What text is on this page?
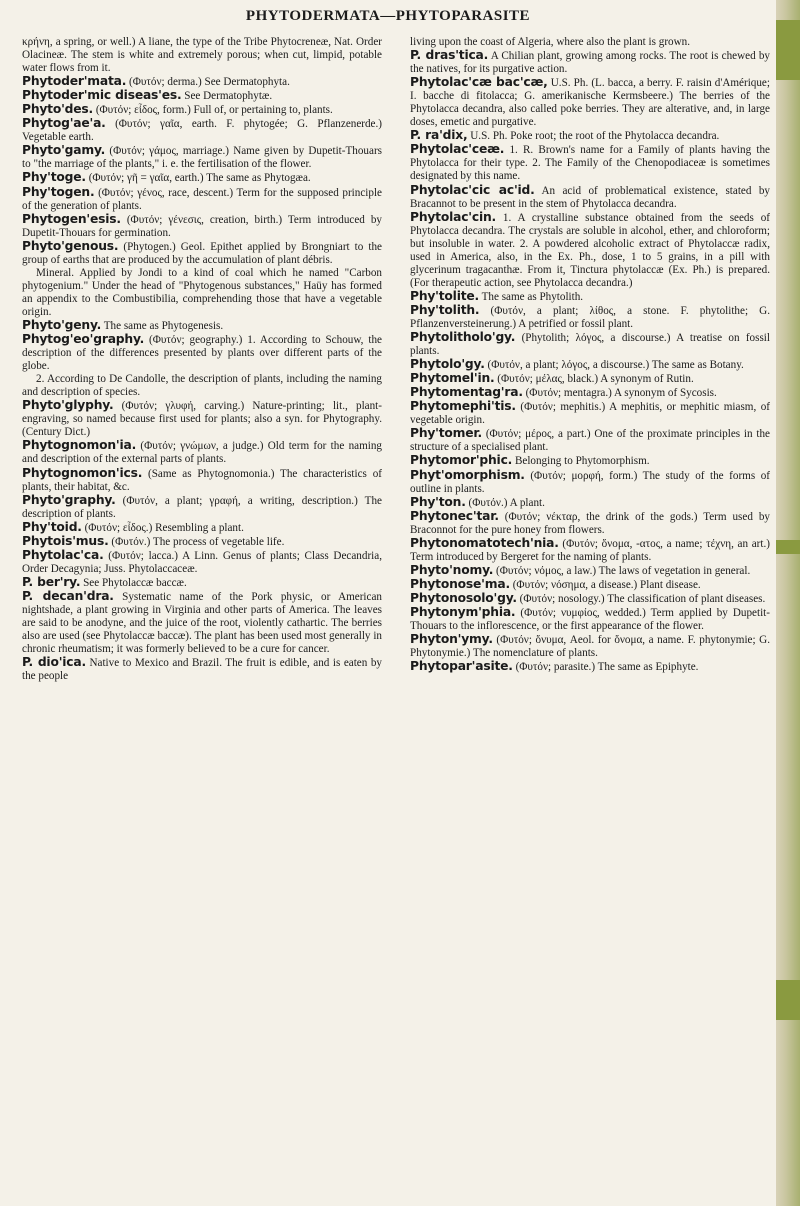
PHYTODERMATA—PHYTOPARASITE
κρήνη, a spring, or well.) A liane, the type of the Tribe Phytocreneæ, Nat. Order Olacineæ. The stem is white and extremely porous; when cut, limpid, potable water flows from it.
Phytoder'mata. (Φυτόν; derma.) See Dermatophyta.
Phytoder'mic diseas'es. See Dermatophytæ.
Phyto'des. (Φυτόν; εἶδος, form.) Full of, or pertaining to, plants.
Phytog'ae'a. (Φυτόν; γαῖα, earth. F. phytogée; G. Pflanzenerde.) Vegetable earth.
Phyto'gamy. (Φυτόν; γάμος, marriage.) Name given by Dupetit-Thouars to "the marriage of the plants," i. e. the fertilisation of the flower.
Phy'toge. (Φυτόν; γῆ = γαῖα, earth.) The same as Phytogæa.
Phy'togen. (Φυτόν; γένος, race, descent.) Term for the supposed principle of the generation of plants.
Phytogen'esis. (Φυτόν; γένεσις, creation, birth.) Term introduced by Dupetit-Thouars for germination.
Phyto'genous. (Phytogen.) Geol. Epithet applied by Brongniart to the group of earths that are produced by the accumulation of plant débris.
Mineral. Applied by Jondi to a kind of coal which he named "Carbon phytogenium." Under the head of "Phytogenous substances," Haüy has formed an appendix to the Combustibilia, comprehending those that have a vegetable origin.
Phyto'geny. The same as Phytogenesis.
Phytog'eo'graphy. (Φυτόν; geography.) 1. According to Schouw, the description of the differences presented by plants over different parts of the globe.
2. According to De Candolle, the description of plants, including the naming and description of species.
Phyto'glyphy. (Φυτόν; γλυφή, carving.) Nature-printing; lit., plant-engraving, so named because first used for plants; also a syn. for Phytography. (Century Dict.)
Phytognomon'ia. (Φυτόν; γνώμων, a judge.) Old term for the naming and description of the external parts of plants.
Phytognomon'ics. (Same as Phytognomonia.) The characteristics of plants, their habitat, &c.
Phyto'graphy. (Φυτόν, a plant; γραφή, a writing, description.) The description of plants.
Phy'toid. (Φυτόν; εἶδος.) Resembling a plant.
Phytois'mus. (Φυτόν.) The process of vegetable life.
Phytolac'ca. (Φυτόν; lacca.) A Linn. Genus of plants; Class Decandria, Order Decagynia; Juss. Phytolaccaceæ.
P. ber'ry. See Phytolaccæ baccæ.
P. decan'dra. Systematic name of the Pork physic, or American nightshade, a plant growing in Virginia and other parts of America. The leaves are said to be anodyne, and the juice of the root, violently cathartic. The berries also are used (see Phytolaccæ baccæ). The plant has been used most generally in chronic rheumatism; it was formerly believed to be a cure for cancer.
P. dio'ica. Native to Mexico and Brazil. The fruit is edible, and is eaten by the people
living upon the coast of Algeria, where also the plant is grown.
P. dras'tica. A Chilian plant, growing among rocks. The root is chewed by the natives, for its purgative action.
Phytolac'cæ bac'cæ, U.S. Ph. (L. bacca, a berry. F. raisin d'Amérique; I. bacche di fitolacca; G. amerikanische Kermsbeere.) The berries of the Phytolacca decandra, also called poke berries. They are alterative, and, in large doses, emetic and purgative.
P. ra'dix, U.S. Ph. Poke root; the root of the Phytolacca decandra.
Phytolac'ceæ. 1. R. Brown's name for a Family of plants having the Phytolacca for their type. 2. The Family of the Chenopodiaceæ is sometimes designated by this name.
Phytolac'cic ac'id. An acid of problematical existence, stated by Bracannot to be present in the stem of Phytolacca decandra.
Phytolac'cin. 1. A crystalline substance obtained from the seeds of Phytolacca decandra. The crystals are soluble in alcohol, ether, and chloroform; but insoluble in water. 2. A powdered alcoholic extract of Phytolaccæ radix, used in America, also, in the Ex. Ph., dose, 1 to 5 grains, in a pill with glycerinum tragacanthæ. From it, Tinctura phytolaccæ (Ex. Ph.) is prepared. (For therapeutic action, see Phytolacca decandra.)
Phy'tolite. The same as Phytolith.
Phy'tolith. (Φυτόν, a plant; λίθος, a stone. F. phytolithe; G. Pflanzenversteinerung.) A petrified or fossil plant.
Phytolitholo'gy. (Phytolith; λόγος, a discourse.) A treatise on fossil plants.
Phytolo'gy. (Φυτόν, a plant; λόγος, a discourse.) The same as Botany.
Phytomel'in. (Φυτόν; μέλας, black.) A synonym of Rutin.
Phytomentag'ra. (Φυτόν; mentagra.) A synonym of Sycosis.
Phytomephi'tis. (Φυτόν; mephitis.) A mephitis, or mephitic miasm, of vegetable origin.
Phy'tomer. (Φυτόν; μέρος, a part.) One of the proximate principles in the structure of a specialised plant.
Phytomor'phic. Belonging to Phytomorphism.
Phyt'omorphism. (Φυτόν; μορφή, form.) The study of the forms of outline in plants.
Phy'ton. (Φυτόν.) A plant.
Phytonec'tar. (Φυτόν; νέκταρ, the drink of the gods.) Term used by Braconnot for the pure honey from flowers.
Phytonomatotech'nia. (Φυτόν; ὄνομα, -ατος, a name; τέχνη, an art.) Term introduced by Bergeret for the naming of plants.
Phyto'nomy. (Φυτόν; νόμος, a law.) The laws of vegetation in general.
Phytonose'ma. (Φυτόν; νόσημα, a disease.) Plant disease.
Phytonosolo'gy. (Φυτόν; nosology.) The classification of plant diseases.
Phytonym'phia. (Φυτόν; νυμφίος, wedded.) Term applied by Dupetit-Thouars to the inflorescence, or the first appearance of the flower.
Phyton'ymy. (Φυτόν; ὄνυμα, Aeol. for ὄνομα, a name. F. phytonymie; G. Phytonymie.) The nomenclature of plants.
Phytopar'asite. (Φυτόν; parasite.) The same as Epiphyte.
